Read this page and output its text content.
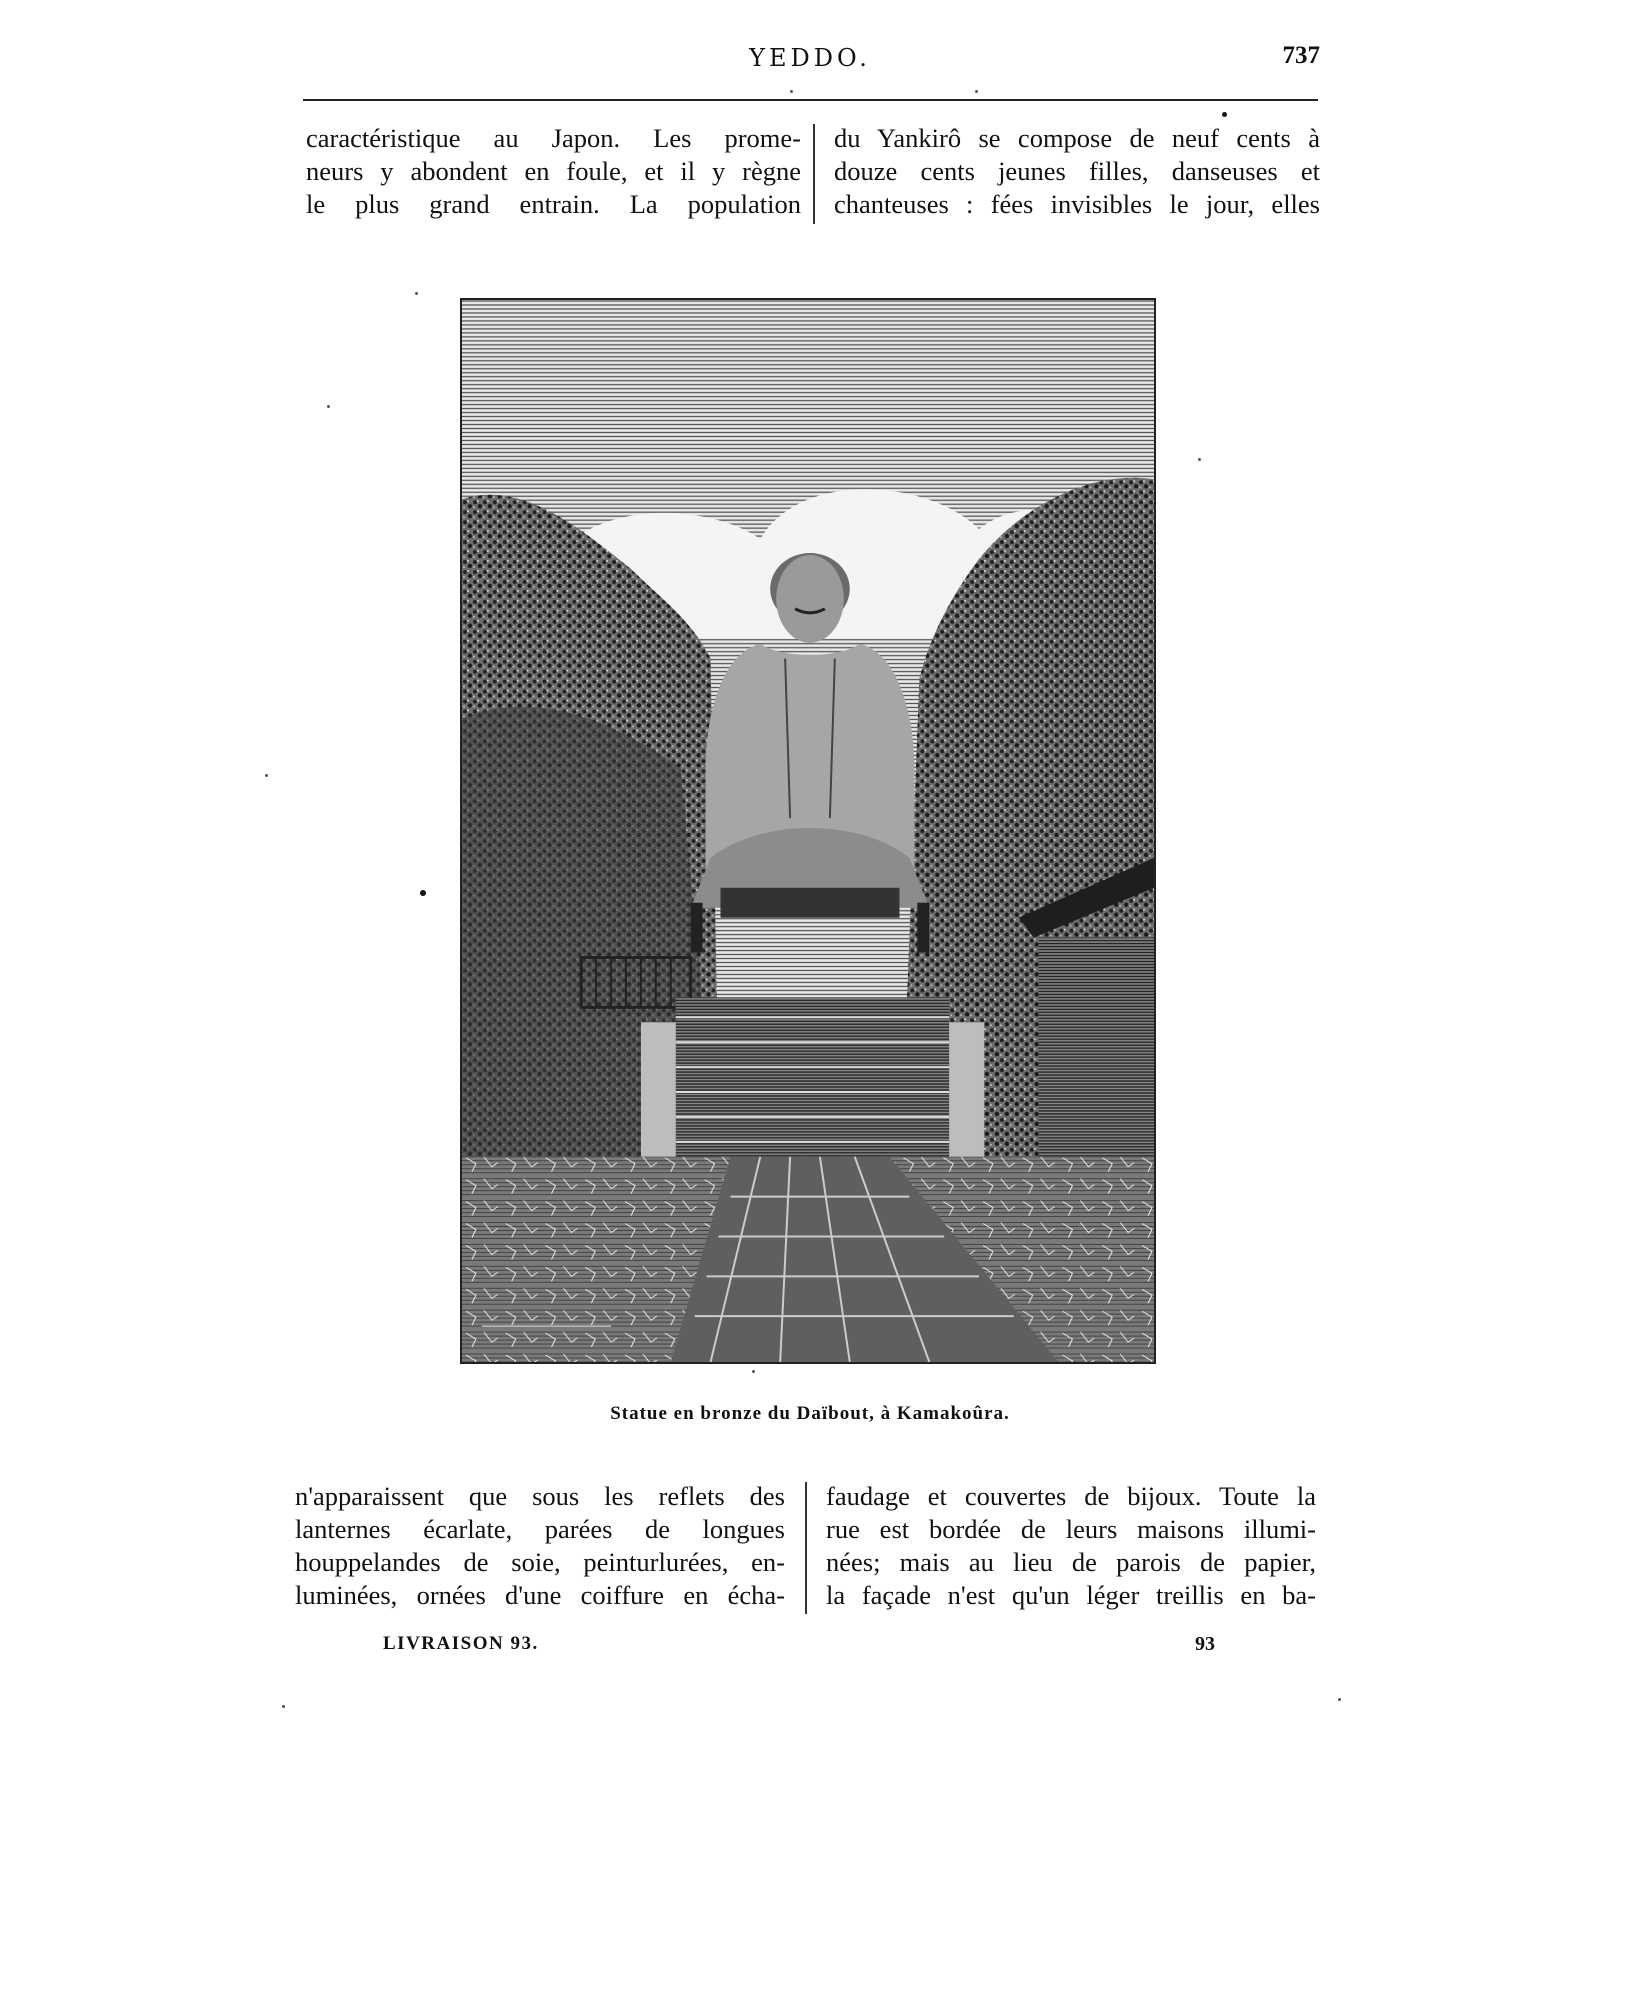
YEDDO.	737
caractéristique au Japon. Les prome-
neurs y abondent en foule, et il y règne
le plus grand entrain. La population
du Yankirô se compose de neuf cents à
douze cents jeunes filles, danseuses et
chanteuses : fées invisibles le jour, elles
Statue en bronze du Daïbout, à Kamakoûra.
n'apparaissent que sous les reflets des
lanternes écarlate, parées de longues
houppelandes de soie, peinturlurées, en-
luminées, ornées d'une coiffure en écha-
faudage et couvertes de bijoux. Toute la
rue est bordée de leurs maisons illumi-
nées; mais au lieu de parois de papier,
la façade n'est qu'un léger treillis en ba-
LIVRAISON 93.	93
